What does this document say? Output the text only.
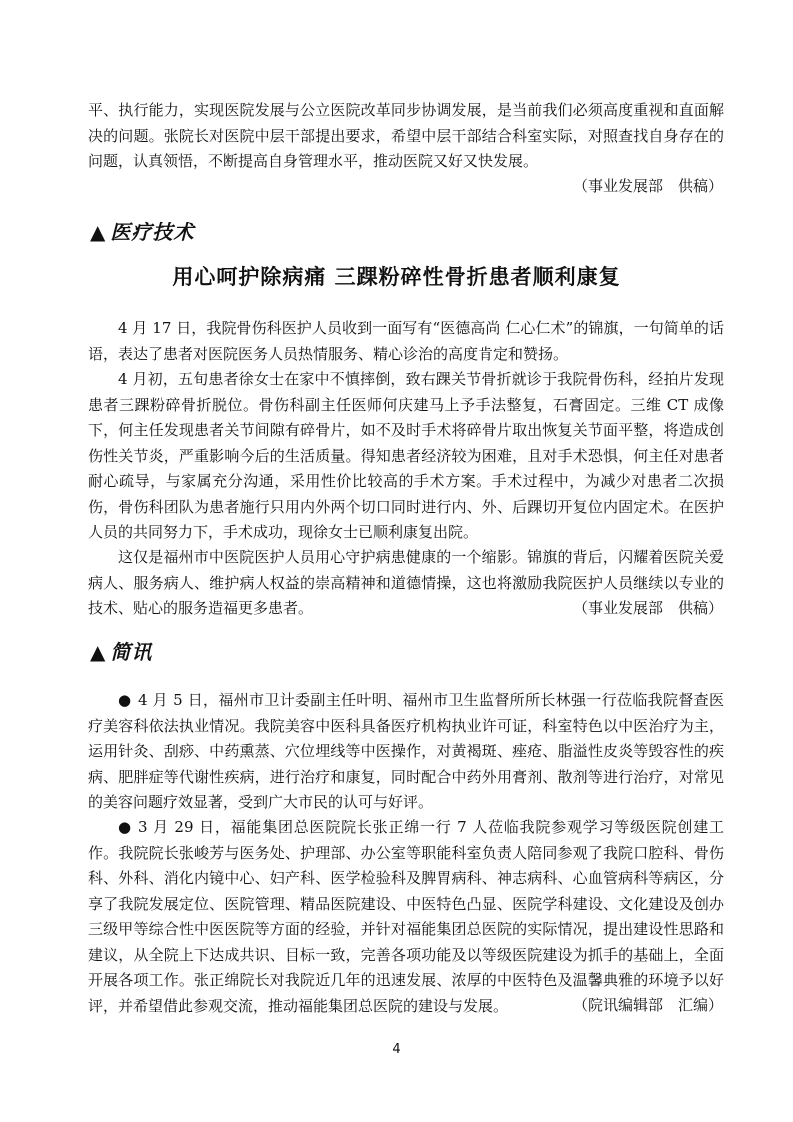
平、执行能力，实现医院发展与公立医院改革同步协调发展，是当前我们必须高度重视和直面解决的问题。张院长对医院中层干部提出要求，希望中层干部结合科室实际，对照查找自身存在的问题，认真领悟，不断提高自身管理水平，推动医院又好又快发展。
（事业发展部　供稿）
▲ 医疗技术
用心呵护除病痛 三踝粉碎性骨折患者顺利康复
4 月 17 日，我院骨伤科医护人员收到一面写有“医德高尚 仁心仁术”的锦旗，一句简单的话语，表达了患者对医院医务人员热情服务、精心诊治的高度肯定和赞扬。
4 月初，五旬患者徐女士在家中不慎摔倒，致右踝关节骨折就诊于我院骨伤科，经拍片发现患者三踝粉碎骨折脱位。骨伤科副主任医师何庆建马上予手法整复，石膏固定。三维 CT 成像下，何主任发现患者关节间隙有碎骨片，如不及时手术将碎骨片取出恢复关节面平整，将造成创伤性关节炎，严重影响今后的生活质量。得知患者经济较为困难，且对手术恐惧，何主任对患者耐心疏导，与家属充分沟通，采用性价比较高的手术方案。手术过程中，为减少对患者二次损伤，骨伤科团队为患者施行只用内外两个切口同时进行内、外、后踝切开复位内固定术。在医护人员的共同努力下，手术成功，现徐女士已顺利康复出院。
这仅是福州市中医院医护人员用心守护病患健康的一个缩影。锦旗的背后，闪耀着医院关爱病人、服务病人、维护病人权益的崇高精神和道德情操，这也将激励我院医护人员继续以专业的技术、贴心的服务造福更多患者。	（事业发展部　供稿）
▲ 简讯
● 4 月 5 日，福州市卫计委副主任叶明、福州市卫生监督所所长林强一行莅临我院督查医疗美容科依法执业情况。我院美容中医科具备医疗机构执业许可证，科室特色以中医治疗为主，运用针灸、刮痧、中药熏蒸、穴位埋线等中医操作，对黄褐斑、痤疮、脂溢性皮炎等毁容性的疾病、肥胖症等代谢性疾病，进行治疗和康复，同时配合中药外用膏剂、散剂等进行治疗，对常见的美容问题疗效显著，受到广大市民的认可与好评。
● 3 月 29 日，福能集团总医院院长张正绵一行 7 人莅临我院参观学习等级医院创建工作。我院院长张峻芳与医务处、护理部、办公室等职能科室负责人陪同参观了我院口腔科、骨伤科、外科、消化内镜中心、妇产科、医学检验科及脾胃病科、神志病科、心血管病科等病区，分享了我院发展定位、医院管理、精品医院建设、中医特色凸显、医院学科建设、文化建设及创办三级甲等综合性中医医院等方面的经验，并针对福能集团总医院的实际情况，提出建设性思路和建议，从全院上下达成共识、目标一致，完善各项功能及以等级医院建设为抓手的基础上，全面开展各项工作。张正绵院长对我院近几年的迅速发展、浓厚的中医特色及温馨典雅的环境予以好评，并希望借此参观交流，推动福能集团总医院的建设与发展。	（院讯编辑部　汇编）
4
